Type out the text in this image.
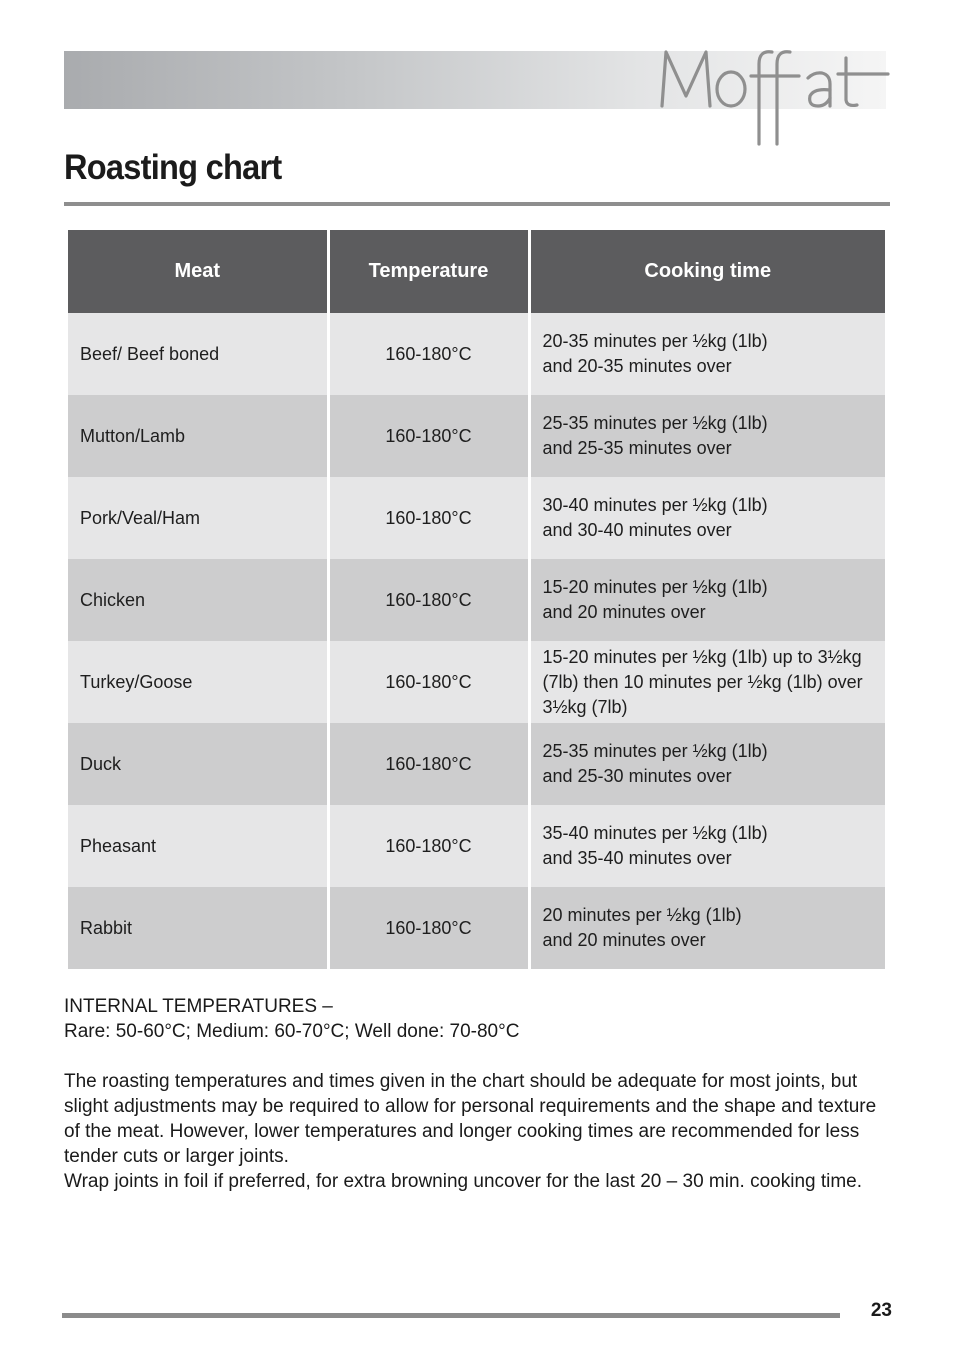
Roasting chart
Meat	Temperature	Cooking time
Beef/ Beef boned	160-180°C	20-35 minutes per ½kg (1lb)
and 20-35 minutes over

Mutton/Lamb	160-180°C	25-35 minutes per ½kg (1lb)
and 25-35 minutes over

Pork/Veal/Ham	160-180°C	30-40 minutes per ½kg (1lb)
and 30-40 minutes over

Chicken	160-180°C	15-20 minutes per ½kg (1lb)
and 20 minutes over

Turkey/Goose	160-180°C	15-20 minutes per ½kg (1lb) up to 3½kg
(7lb) then 10 minutes per ½kg (1lb) over
3½kg (7lb)

Duck	160-180°C	25-35 minutes per ½kg (1lb)
and 25-30 minutes over

Pheasant	160-180°C	35-40 minutes per ½kg (1lb)
and 35-40 minutes over

Rabbit	160-180°C	20 minutes per ½kg (1lb)
and 20 minutes over

INTERNAL TEMPERATURES –

Rare: 50-60°C; Medium: 60-70°C; Well done: 70-80°C

The roasting temperatures and times given in the chart should be adequate for most joints, but slight adjustments may be required to allow for personal requirements and the shape and texture of the meat. However, lower temperatures and longer cooking times are recommended for less tender cuts or larger joints.

Wrap joints in foil if preferred, for extra browning uncover for the last 20 – 30 min. cooking time.

23
